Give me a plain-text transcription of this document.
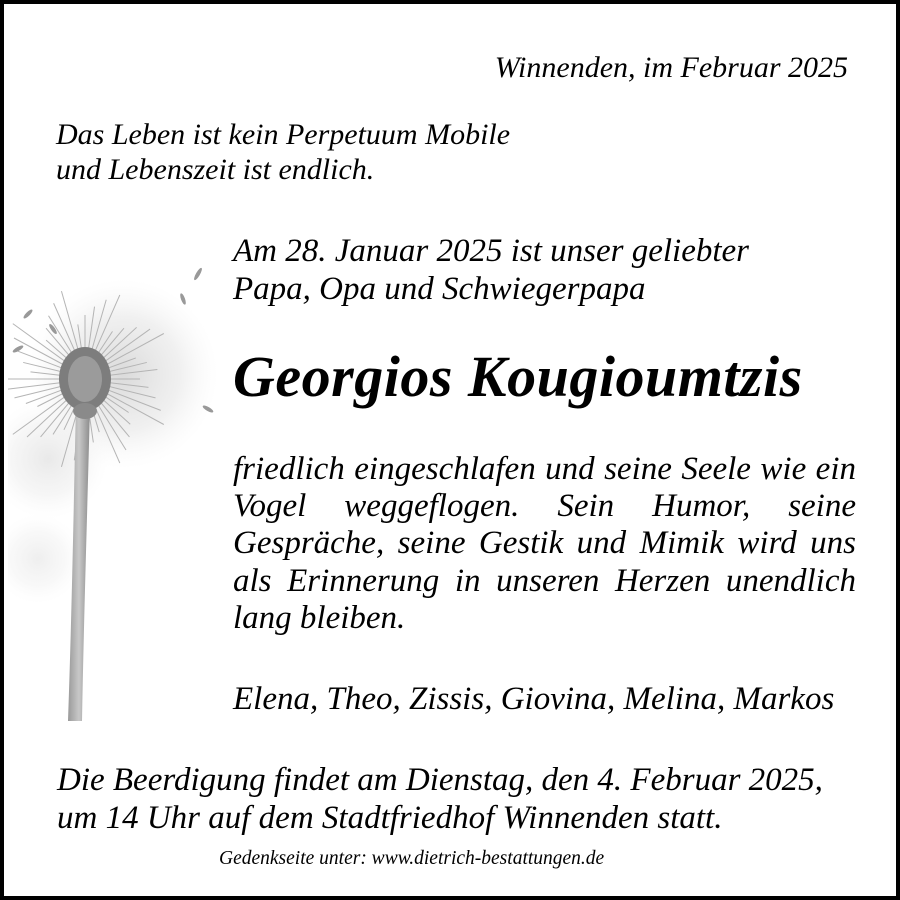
Winnenden, im Februar 2025

Das Leben ist kein Perpetuum Mobile
und Lebenszeit ist endlich.
Am 28. Januar 2025 ist unser geliebter
Papa, Opa und Schwiegerpapa

Georgios Kougioumtzis

friedlich eingeschlafen und seine Seele wie ein Vogel weggeflogen. Sein Humor, seine Gespräche, seine Gestik und Mimik wird uns als Erinnerung in unseren Herzen unendlich lang bleiben.

Elena, Theo, Zissis, Giovina, Melina, Markos

Die Beerdigung findet am Dienstag, den 4. Februar 2025,
um 14 Uhr auf dem Stadtfriedhof Winnenden statt.

Gedenkseite unter: www.dietrich-bestattungen.de
